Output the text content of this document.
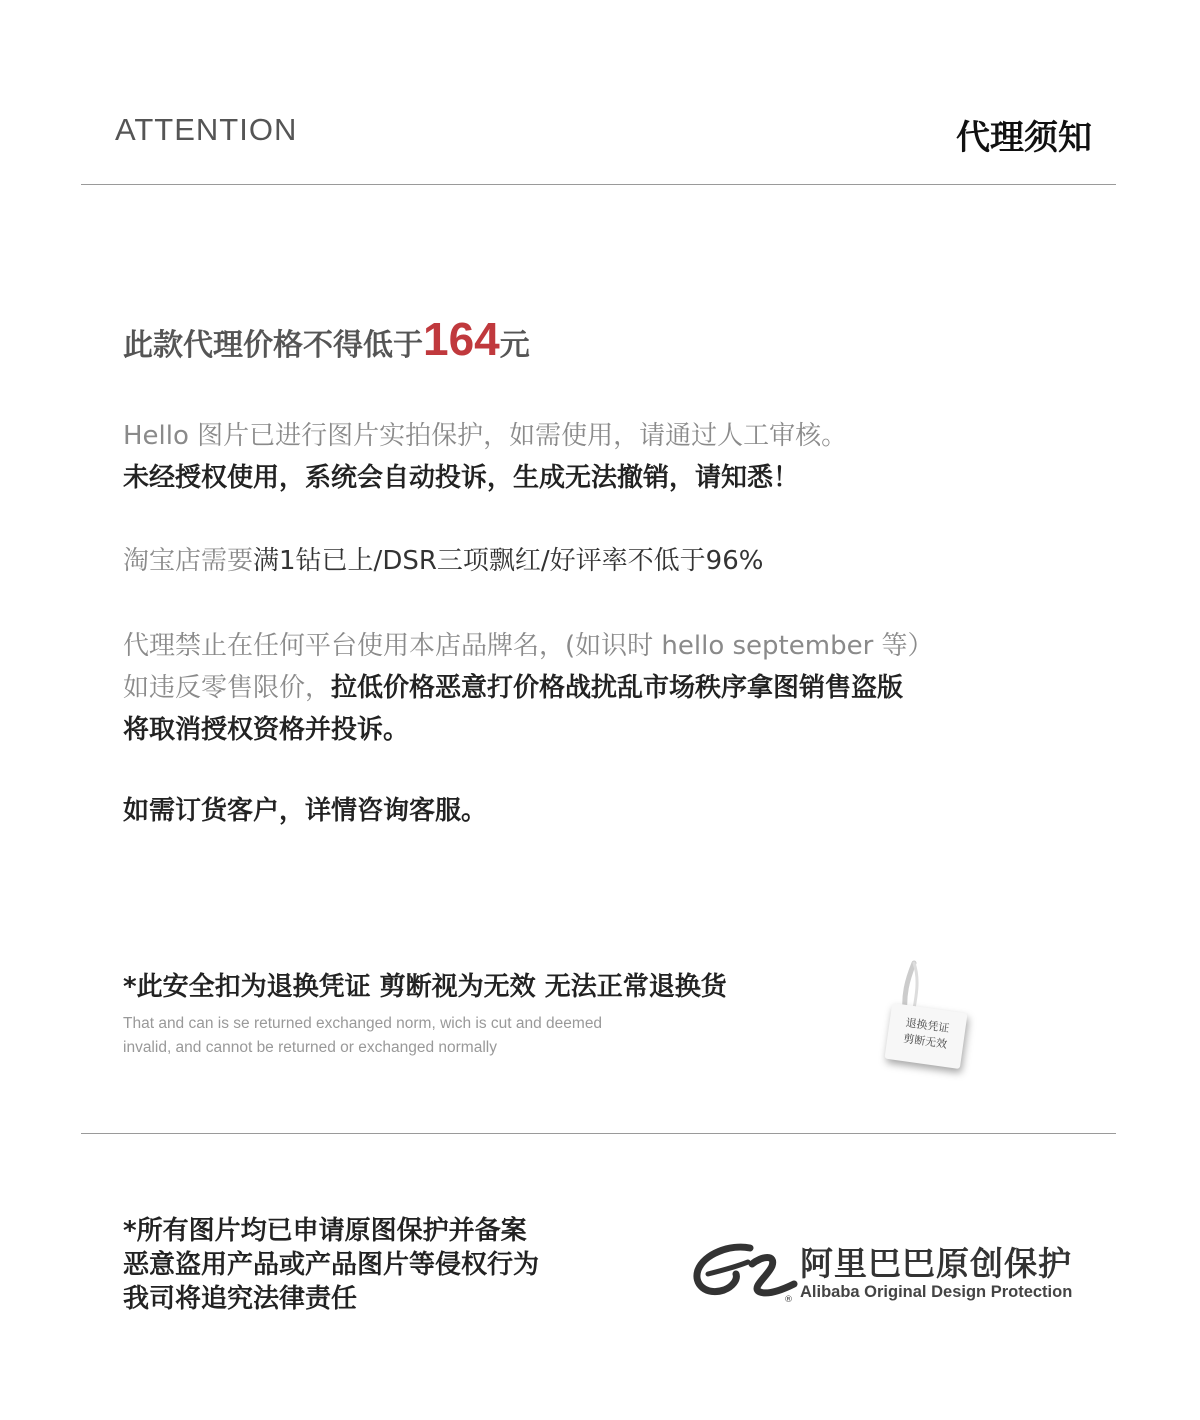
ATTENTION	代理须知
此款代理价格不得低于164元
Hello 图片已进行图片实拍保护，如需使用，请通过人工审核。
未经授权使用，系统会自动投诉，生成无法撤销，请知悉！
淘宝店需要满1钻已上/DSR三项飘红/好评率不低于96%
代理禁止在任何平台使用本店品牌名，(如识时 hello september 等）
如违反零售限价，拉低价格恶意打价格战扰乱市场秩序拿图销售盗版
将取消授权资格并投诉。
如需订货客户，详情咨询客服。
*此安全扣为退换凭证 剪断视为无效 无法正常退换货
That and can is se returned exchanged norm, wich is cut and deemed
invalid, and cannot be returned or exchanged normally
退换凭证
剪断无效
*所有图片均已申请原图保护并备案
恶意盗用产品或产品图片等侵权行为
我司将追究法律责任	®
阿里巴巴原创保护
Alibaba Original Design Protection
